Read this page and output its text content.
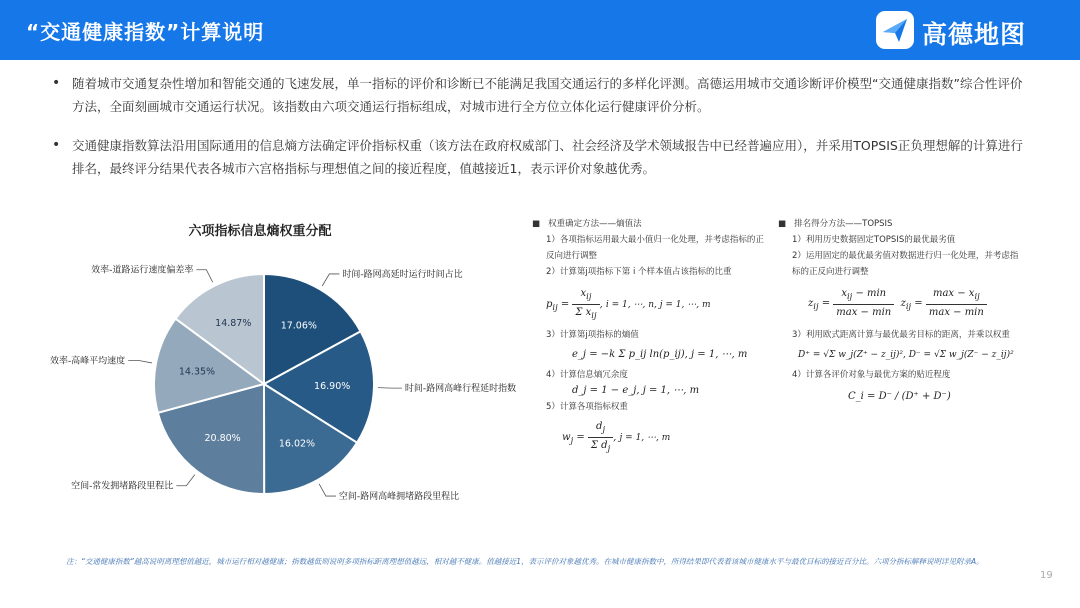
“交通健康指数”计算说明	高德地图
• 随着城市交通复杂性增加和智能交通的飞速发展，单一指标的评价和诊断已不能满足我国交通运行的多样化评测。高德运用城市交通诊断评价模型“交通健康指数”综合性评价方法，全面刻画城市交通运行状况。该指数由六项交通运行指标组成，对城市进行全方位立体化运行健康评价分析。
• 交通健康指数算法沿用国际通用的信息熵方法确定评价指标权重（该方法在政府权威部门、社会经济及学术领域报告中已经普遍应用），并采用TOPSIS正负理想解的计算进行排名，最终评分结果代表各城市六宫格指标与理想值之间的接近程度，值越接近1，表示评价对象越优秀。
六项指标信息熵权重分配
17.06%
16.90%
16.02%
20.80%
14.35%
14.87%
时间-路网高延时运行时间占比
时间-路网高峰行程延时指数
空间-路网高峰拥堵路段里程比
空间-常发拥堵路段里程比
效率-高峰平均速度
效率-道路运行速度偏差率
■   权重确定方法——熵值法
1）各项指标运用最大最小值归一化处理，并考虑指标的正反向进行调整
2）计算第j项指标下第 i 个样本值占该指标的比重
$p_{ij} = \frac{x_{ij}}{\Sigma x_{ij}}$ , i = 1, ⋯, n, j = 1, ⋯, m
3）计算第j项指标的熵值
e_j = −k Σ p_ij ln(p_ij), j = 1, ⋯, m
4）计算信息熵冗余度
d_j = 1 − e_j, j = 1, ⋯, m
5）计算各项指标权重
$w_j = \frac{d_j}{\Sigma d_j}$ , j = 1, ⋯, m
■   排名得分方法——TOPSIS
1）利用历史数据固定TOPSIS的最优最劣值
2）运用固定的最优最劣值对数据进行归一化处理，并考虑指标的正反向进行调整
$z_{ij} = \frac{x_{ij} - \min}{\max - \min} z_{ij} = \frac{\max - x_{ij}}{\max - \min}$
3）利用欧式距离计算与最优最劣目标的距离，并乘以权重
D⁺ = √Σ w_j(Z⁺ − z_ij)², D⁻ = √Σ w_j(Z⁻ − z_ij)²
4）计算各评价对象与最优方案的贴近程度
C_i = D⁻ / (D⁺ + D⁻)
注：“交通健康指数”越高说明离理想值越近，城市运行相对越健康；指数越低则说明多项指标距离理想值越远，相对越不健康。值越接近1，表示评价对象越优秀。在城市健康指数中，所得结果即代表着该城市健康水平与最优目标的接近百分比。六项分指标解释说明详见附录A。
19
